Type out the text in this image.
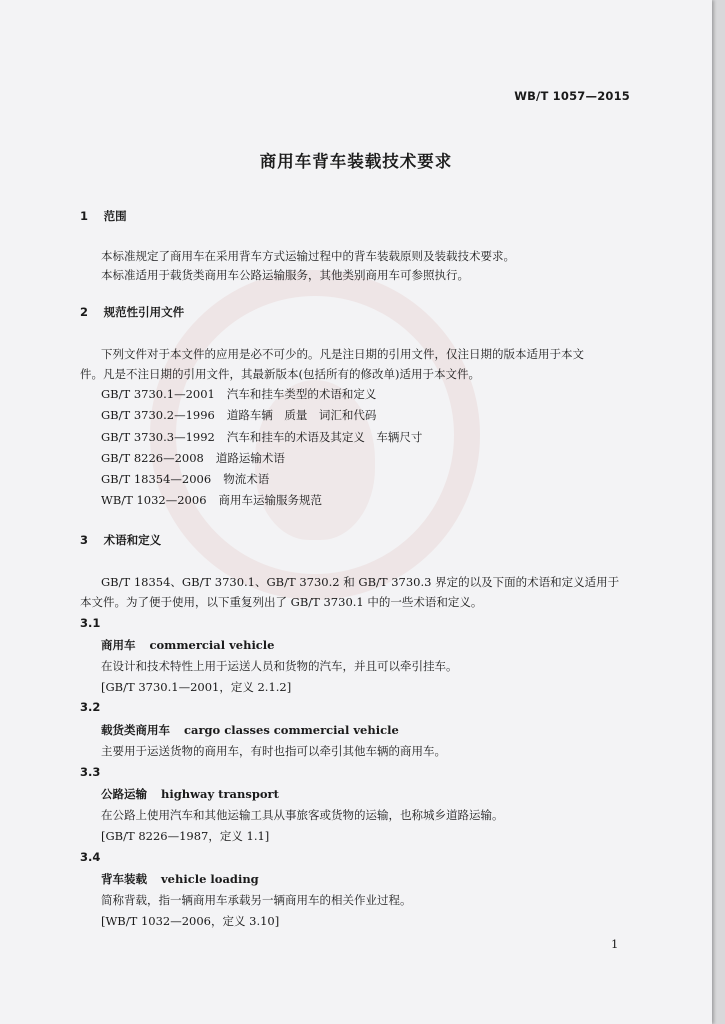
WB/T 1057—2015
商用车背车装载技术要求
1 范围
本标准规定了商用车在采用背车方式运输过程中的背车装载原则及装载技术要求。
本标准适用于载货类商用车公路运输服务，其他类别商用车可参照执行。
2 规范性引用文件
下列文件对于本文件的应用是必不可少的。凡是注日期的引用文件，仅注日期的版本适用于本文
件。凡是不注日期的引用文件，其最新版本(包括所有的修改单)适用于本文件。
GB/T 3730.1—2001 汽车和挂车类型的术语和定义
GB/T 3730.2—1996 道路车辆　质量　词汇和代码
GB/T 3730.3—1992 汽车和挂车的术语及其定义　车辆尺寸
GB/T 8226—2008 道路运输术语
GB/T 18354—2006 物流术语
WB/T 1032—2006 商用车运输服务规范
3 术语和定义
GB/T 18354、GB/T 3730.1、GB/T 3730.2 和 GB/T 3730.3 界定的以及下面的术语和定义适用于
本文件。为了便于使用，以下重复列出了 GB/T 3730.1 中的一些术语和定义。
3.1
商用车 commercial vehicle
在设计和技术特性上用于运送人员和货物的汽车，并且可以牵引挂车。
[GB/T 3730.1—2001，定义 2.1.2]
3.2
载货类商用车 cargo classes commercial vehicle
主要用于运送货物的商用车，有时也指可以牵引其他车辆的商用车。
3.3
公路运输 highway transport
在公路上使用汽车和其他运输工具从事旅客或货物的运输，也称城乡道路运输。
[GB/T 8226—1987，定义 1.1]
3.4
背车装载 vehicle loading
简称背载，指一辆商用车承载另一辆商用车的相关作业过程。
[WB/T 1032—2006，定义 3.10]
1
